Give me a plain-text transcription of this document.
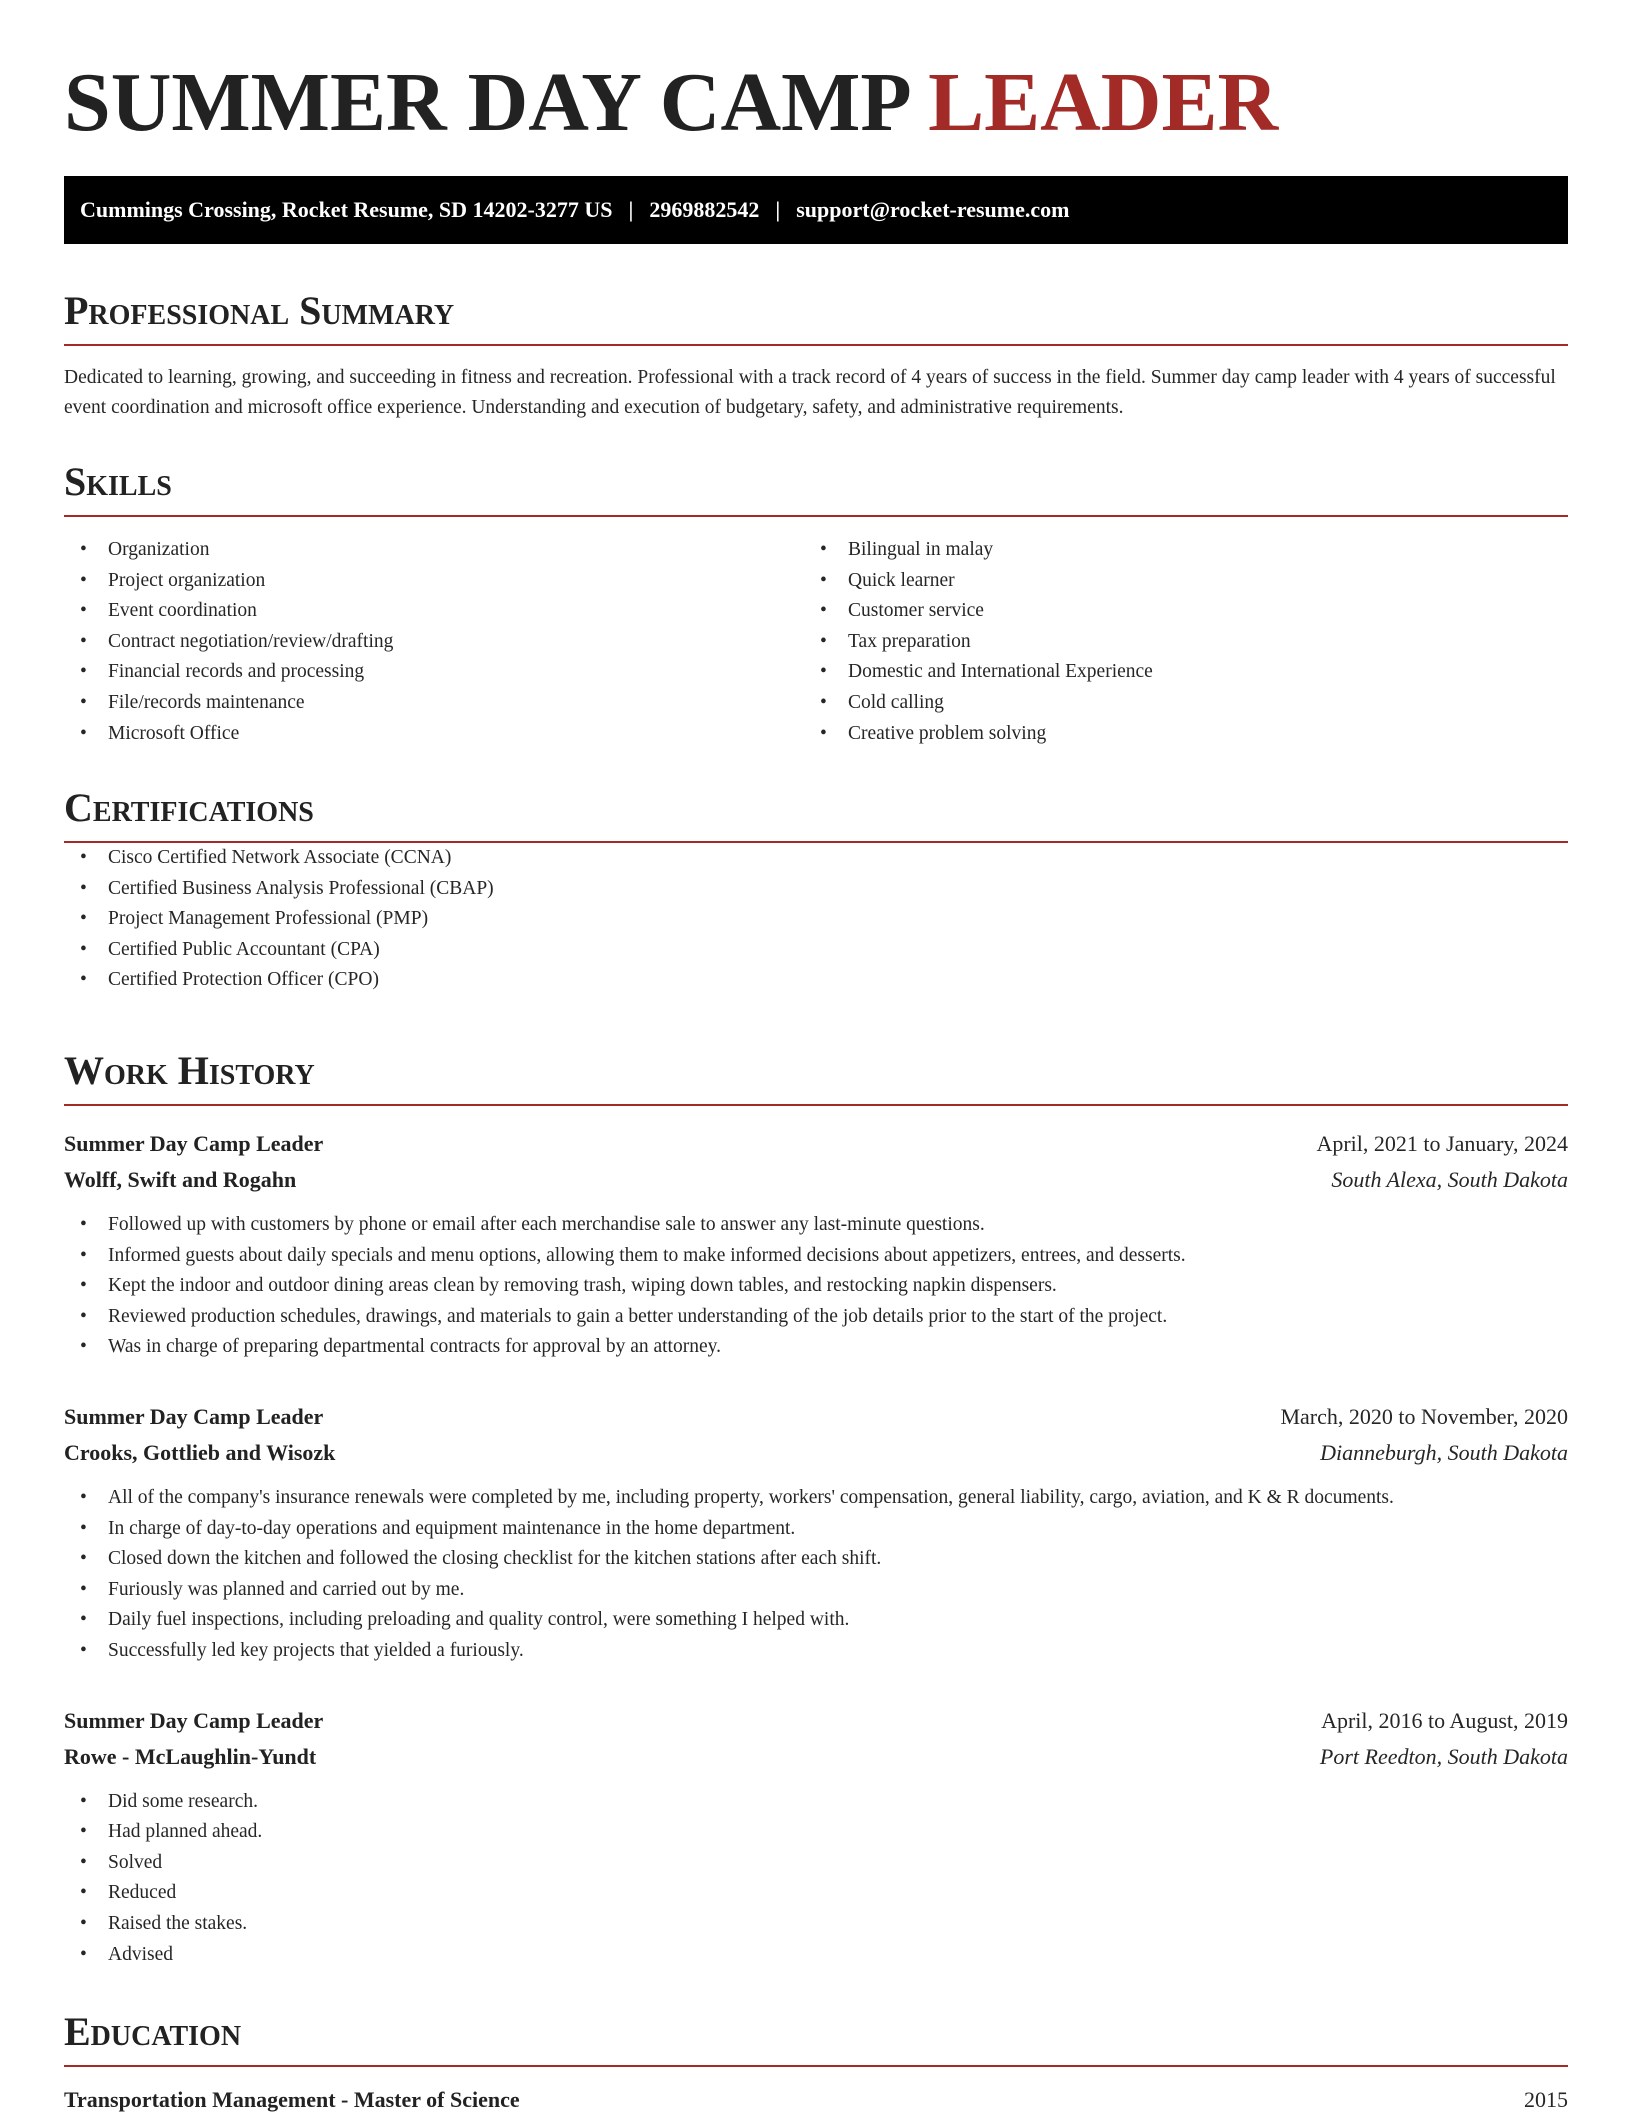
SUMMER DAY CAMP LEADER
Cummings Crossing, Rocket Resume, SD 14202-3277 US | 2969882542 | support@rocket-resume.com
Professional Summary

Dedicated to learning, growing, and succeeding in fitness and recreation. Professional with a track record of 4 years of success in the field. Summer day camp leader with 4 years of successful event coordination and microsoft office experience. Understanding and execution of budgetary, safety, and administrative requirements.

Skills
• Organization
• Project organization
• Event coordination
• Contract negotiation/review/drafting
• Financial records and processing
• File/records maintenance
• Microsoft Office
• Bilingual in malay
• Quick learner
• Customer service
• Tax preparation
• Domestic and International Experience
• Cold calling
• Creative problem solving
Certifications
• Cisco Certified Network Associate (CCNA)
• Certified Business Analysis Professional (CBAP)
• Project Management Professional (PMP)
• Certified Public Accountant (CPA)
• Certified Protection Officer (CPO)
Work History
Summer Day Camp Leader	April, 2021 to January, 2024
Wolff, Swift and Rogahn	South Alexa, South Dakota
• Followed up with customers by phone or email after each merchandise sale to answer any last-minute questions.
• Informed guests about daily specials and menu options, allowing them to make informed decisions about appetizers, entrees, and desserts.
• Kept the indoor and outdoor dining areas clean by removing trash, wiping down tables, and restocking napkin dispensers.
• Reviewed production schedules, drawings, and materials to gain a better understanding of the job details prior to the start of the project.
• Was in charge of preparing departmental contracts for approval by an attorney.
Summer Day Camp Leader	March, 2020 to November, 2020
Crooks, Gottlieb and Wisozk	Dianneburgh, South Dakota
• All of the company's insurance renewals were completed by me, including property, workers' compensation, general liability, cargo, aviation, and K & R documents.
• In charge of day-to-day operations and equipment maintenance in the home department.
• Closed down the kitchen and followed the closing checklist for the kitchen stations after each shift.
• Furiously was planned and carried out by me.
• Daily fuel inspections, including preloading and quality control, were something I helped with.
• Successfully led key projects that yielded a furiously.
Summer Day Camp Leader	April, 2016 to August, 2019
Rowe - McLaughlin-Yundt	Port Reedton, South Dakota
• Did some research.
• Had planned ahead.
• Solved
• Reduced
• Raised the stakes.
• Advised
Education
Transportation Management - Master of Science	2015
